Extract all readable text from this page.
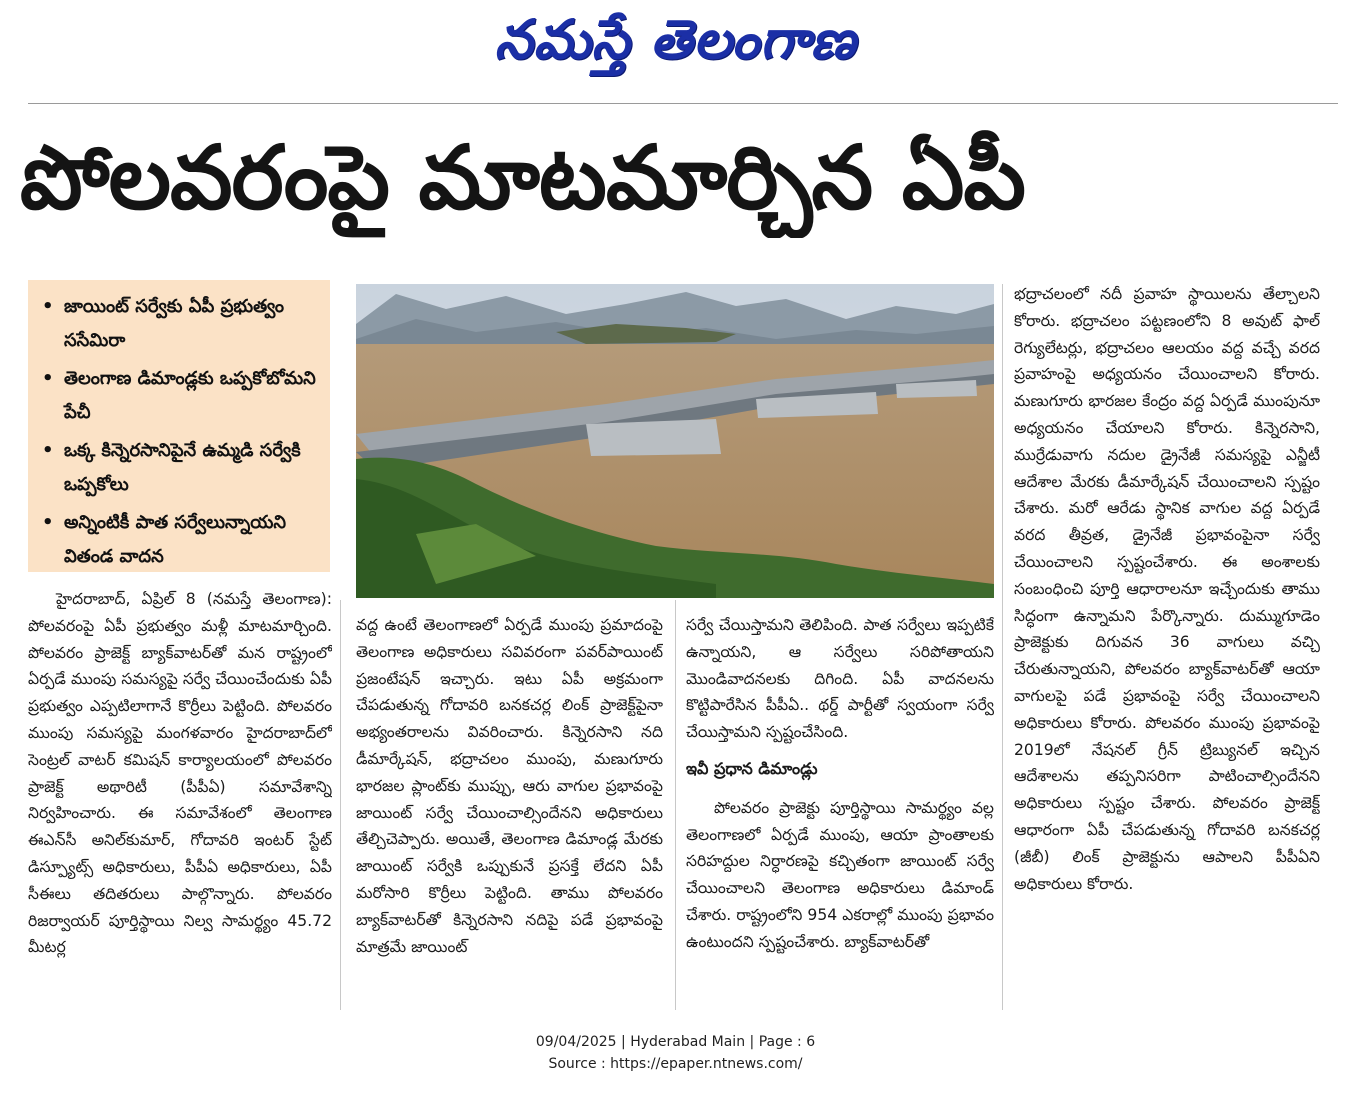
నమస్తే తెలంగాణ
పోలవరంపై మాటమార్చిన ఏపీ
• జాయింట్ సర్వేకు ఏపీ ప్రభుత్వం ససేమిరా
• తెలంగాణ డిమాండ్లకు ఒప్పకోబోమని పేచీ
• ఒక్క కిన్నెరసానిపైనే ఉమ్మడి సర్వేకి ఒప్పకోలు
• అన్నింటికీ పాత సర్వేలున్నాయని వితండ వాదన

హైదరాబాద్, ఏప్రిల్ 8 (నమస్తే తెలంగాణ): పోలవరంపై ఏపీ ప్రభుత్వం మళ్లీ మాటమార్చింది. పోలవరం ప్రాజెక్ట్ బ్యాక్‌వాటర్‌తో మన రాష్ట్రంలో ఏర్పడే ముంపు సమస్యపై సర్వే చేయించేందుకు ఏపీ ప్రభుత్వం ఎప్పటిలాగానే కొర్రీలు పెట్టింది. పోలవరం ముంపు సమస్యపై మంగళవారం హైదరాబాద్‌లో సెంట్రల్ వాటర్ కమిషన్ కార్యాలయంలో పోలవరం ప్రాజెక్ట్ అథారిటీ (పీపీఏ) సమావేశాన్ని నిర్వహించారు. ఈ సమావేశంలో తెలంగాణ ఈఎన్‌సీ అనిల్‌కుమార్, గోదావరి ఇంటర్ స్టేట్ డిస్ప్యూట్స్ అధికారులు, పీపీఏ అధికారులు, ఏపీ సీఈలు తదితరులు పాల్గొన్నారు. పోలవరం రిజర్వాయర్ పూర్తిస్థాయి నిల్వ సామర్థ్యం 45.72 మీటర్ల

వద్ద ఉంటే తెలంగాణలో ఏర్పడే ముంపు ప్రమాదంపై తెలంగాణ అధికారులు సవివరంగా పవర్‌పాయింట్ ప్రజంటేషన్ ఇచ్చారు. ఇటు ఏపీ అక్రమంగా చేపడుతున్న గోదావరి బనకచర్ల లింక్ ప్రాజెక్ట్‌పైనా అభ్యంతరాలను వివరించారు. కిన్నెరసాని నది డీమార్కేషన్, భద్రాచలం ముంపు, మణుగూరు భారజల ప్లాంట్‌కు ముప్పు, ఆరు వాగుల ప్రభావంపై జాయింట్ సర్వే చేయించాల్సిందేనని అధికారులు తేల్చిచెప్పారు. అయితే, తెలంగాణ డిమాండ్ల మేరకు జాయింట్ సర్వేకి ఒప్పుకునే ప్రసక్తే లేదని ఏపీ మరోసారి కొర్రీలు పెట్టింది. తాము పోలవరం బ్యాక్‌వాటర్‌తో కిన్నెరసాని నదిపై పడే ప్రభావంపై మాత్రమే జాయింట్

సర్వే చేయిస్తామని తెలిపింది. పాత సర్వేలు ఇప్పటికే ఉన్నాయని, ఆ సర్వేలు సరిపోతాయని మొండివాదనలకు దిగింది. ఏపీ వాదనలను కొట్టిపారేసిన పీపీఏ.. థర్డ్ పార్టీతో స్వయంగా సర్వే చేయిస్తామని స్పష్టంచేసింది.

ఇవీ ప్రధాన డిమాండ్లు

పోలవరం ప్రాజెక్టు పూర్తిస్థాయి సామర్థ్యం వల్ల తెలంగాణలో ఏర్పడే ముంపు, ఆయా ప్రాంతాలకు సరిహద్దుల నిర్ధారణపై కచ్చితంగా జాయింట్ సర్వే చేయించాలని తెలంగాణ అధికారులు డిమాండ్ చేశారు. రాష్ట్రంలోని 954 ఎకరాల్లో ముంపు ప్రభావం ఉంటుందని స్పష్టంచేశారు. బ్యాక్‌వాటర్‌తో

భద్రాచలంలో నదీ ప్రవాహ స్థాయిలను తేల్చాలని కోరారు. భద్రాచలం పట్టణంలోని 8 అవుట్ ఫాల్ రెగ్యులేటర్లు, భద్రాచలం ఆలయం వద్ద వచ్చే వరద ప్రవాహంపై అధ్యయనం చేయించాలని కోరారు. మణుగూరు భారజల కేంద్రం వద్ద ఏర్పడే ముంపునూ అధ్యయనం చేయాలని కోరారు. కిన్నెరసాని, ముర్రేడువాగు నదుల డ్రైనేజీ సమస్యపై ఎన్జీటీ ఆదేశాల మేరకు డీమార్కేషన్ చేయించాలని స్పష్టం చేశారు. మరో ఆరేడు స్థానిక వాగుల వద్ద ఏర్పడే వరద తీవ్రత, డ్రైనేజీ ప్రభావంపైనా సర్వే చేయించాలని స్పష్టంచేశారు. ఈ అంశాలకు సంబంధించి పూర్తి ఆధారాలనూ ఇచ్చేందుకు తాము సిద్ధంగా ఉన్నామని పేర్కొన్నారు. దుమ్ముగూడెం ప్రాజెక్టుకు దిగువన 36 వాగులు వచ్చి చేరుతున్నాయని, పోలవరం బ్యాక్‌వాటర్‌తో ఆయా వాగులపై పడే ప్రభావంపై సర్వే చేయించాలని అధికారులు కోరారు. పోలవరం ముంపు ప్రభావంపై 2019లో నేషనల్ గ్రీన్ ట్రిబ్యునల్ ఇచ్చిన ఆదేశాలను తప్పనిసరిగా పాటించాల్సిందేనని అధికారులు స్పష్టం చేశారు. పోలవరం ప్రాజెక్ట్ ఆధారంగా ఏపీ చేపడుతున్న గోదావరి బనకచర్ల (జీబీ) లింక్ ప్రాజెక్టును ఆపాలని పీపీఏని అధికారులు కోరారు.

09/04/2025 | Hyderabad Main | Page : 6
Source : https://epaper.ntnews.com/
